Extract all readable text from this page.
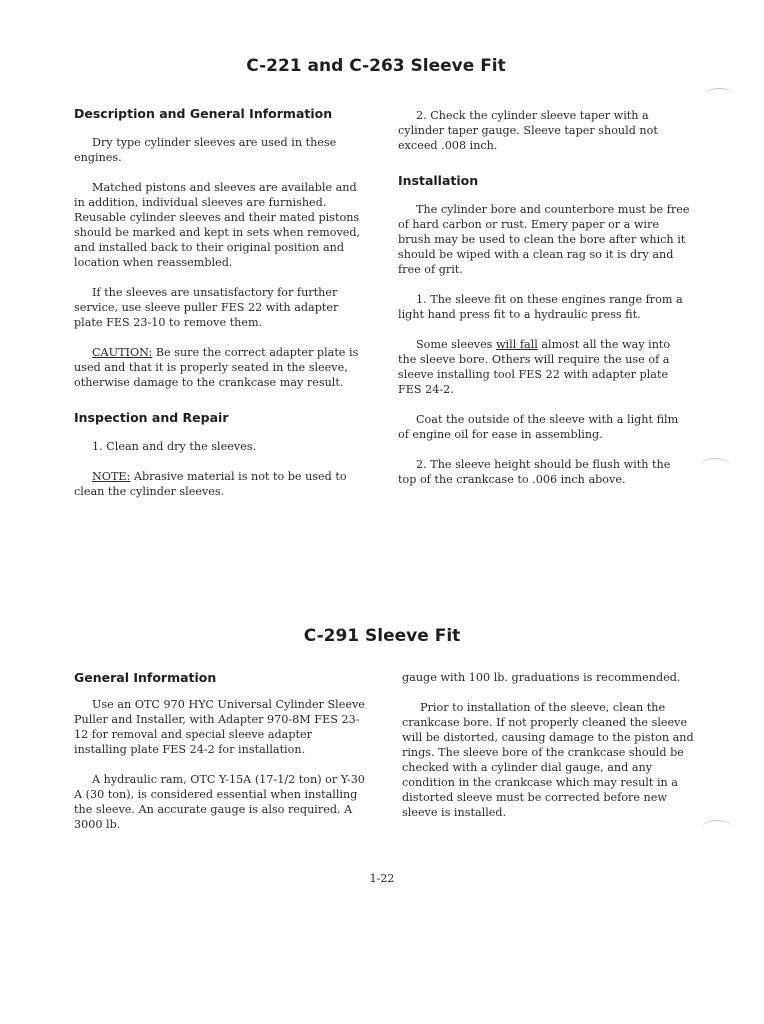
C-221 and C-263 Sleeve Fit
Description and General Information

Dry type cylinder sleeves are used in these engines.

Matched pistons and sleeves are available and in addition, individual sleeves are furnished. Reusable cylinder sleeves and their mated pistons should be marked and kept in sets when removed, and installed back to their original position and location when reassembled.

If the sleeves are unsatisfactory for further service, use sleeve puller FES 22 with adapter plate FES 23-10 to remove them.

CAUTION: Be sure the correct adapter plate is used and that it is properly seated in the sleeve, otherwise damage to the crankcase may result.

Inspection and Repair

1. Clean and dry the sleeves.

NOTE: Abrasive material is not to be used to clean the cylinder sleeves.

2. Check the cylinder sleeve taper with a cylinder taper gauge. Sleeve taper should not exceed .008 inch.

Installation

The cylinder bore and counterbore must be free of hard carbon or rust. Emery paper or a wire brush may be used to clean the bore after which it should be wiped with a clean rag so it is dry and free of grit.

1. The sleeve fit on these engines range from a light hand press fit to a hydraulic press fit.

Some sleeves will fall almost all the way into the sleeve bore. Others will require the use of a sleeve installing tool FES 22 with adapter plate FES 24-2.

Coat the outside of the sleeve with a light film of engine oil for ease in assembling.

2. The sleeve height should be flush with the top of the crankcase to .006 inch above.

C-291 Sleeve Fit
General Information

Use an OTC 970 HYC Universal Cylinder Sleeve Puller and Installer, with Adapter 970-8M FES 23-12 for removal and special sleeve adapter installing plate FES 24-2 for installation.

A hydraulic ram, OTC Y-15A (17-1/2 ton) or Y-30 A (30 ton), is considered essential when installing the sleeve. An accurate gauge is also required. A 3000 lb.

gauge with 100 lb. graduations is recommended.

Prior to installation of the sleeve, clean the crankcase bore. If not properly cleaned the sleeve will be distorted, causing damage to the piston and rings. The sleeve bore of the crankcase should be checked with a cylinder dial gauge, and any condition in the crankcase which may result in a distorted sleeve must be corrected before new sleeve is installed.

1-22
